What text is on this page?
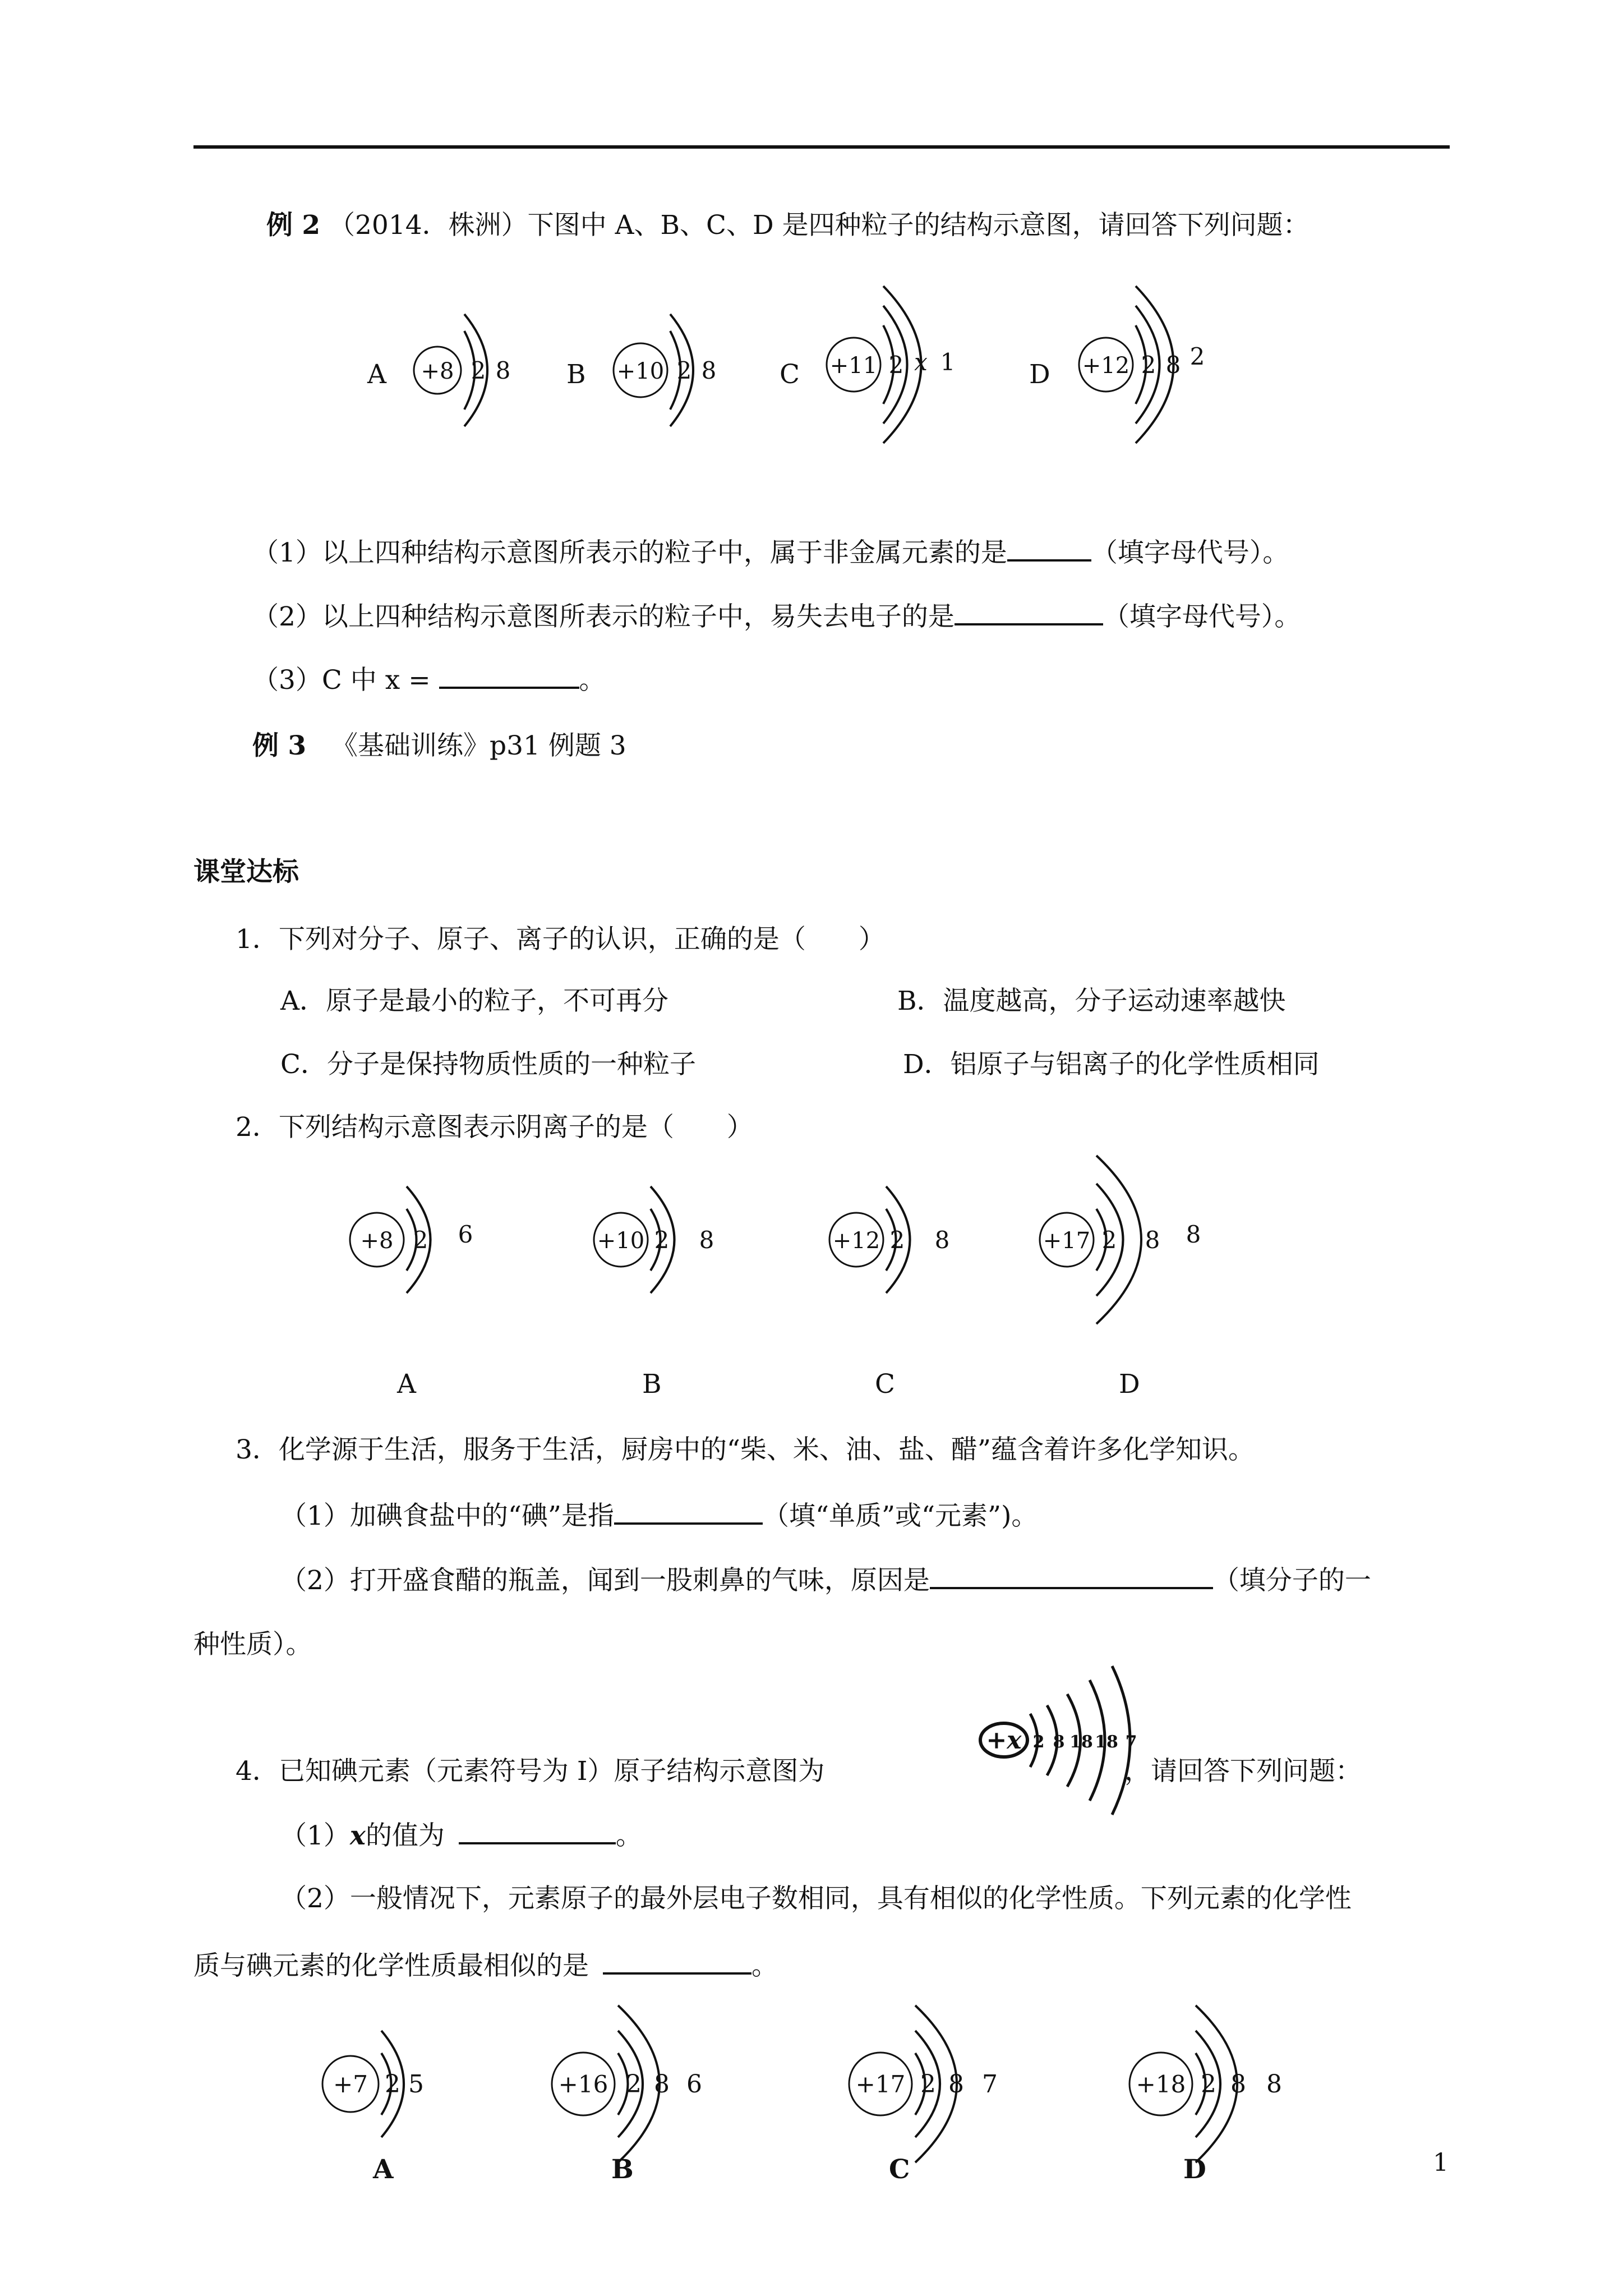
例 2 （2014．株洲）下图中 A、B、C、D 是四种粒子的结构示意图，请回答下列问题：
A +8 2 8 B +10 2 8 C +11 2 x 1	D +12 2 8 2
（1）以上四种结构示意图所表示的粒子中，属于非金属元素的是	（填字母代号）。
（2）以上四种结构示意图所表示的粒子中，易失去电子的是	（填字母代号）。
（3）C 中 x =	。
例 3 《基础训练》p31 例题 3
课堂达标
1．下列对分子、原子、离子的认识，正确的是（　　）
A．原子是最小的粒子，不可再分	B．温度越高，分子运动速率越快
C．分子是保持物质性质的一种粒子	D．铝原子与铝离子的化学性质相同
2．下列结构示意图表示阴离子的是（　　）
+8 2 6	+10 2 8	+12 2 8	+17 2 8 8
A	B	C	D
3．化学源于生活，服务于生活，厨房中的“柴、米、油、盐、醋”蕴含着许多化学知识。
（1）加碘食盐中的“碘”是指	（填“单质”或“元素”)。
（2）打开盛食醋的瓶盖，闻到一股刺鼻的气味，原因是	（填分子的一
种性质）。
4．已知碘元素（元素符号为 I）原子结构示意图为
+x 2 8 18 18 7
，请回答下列问题：
（1）x的值为	。
（2）一般情况下，元素原子的最外层电子数相同，具有相似的化学性质。下列元素的化学性
质与碘元素的化学性质最相似的是	。
+7 2 5	+16 2 8 6	+17 2 8 7	+18 2 8 8
A	B	C	D	1
